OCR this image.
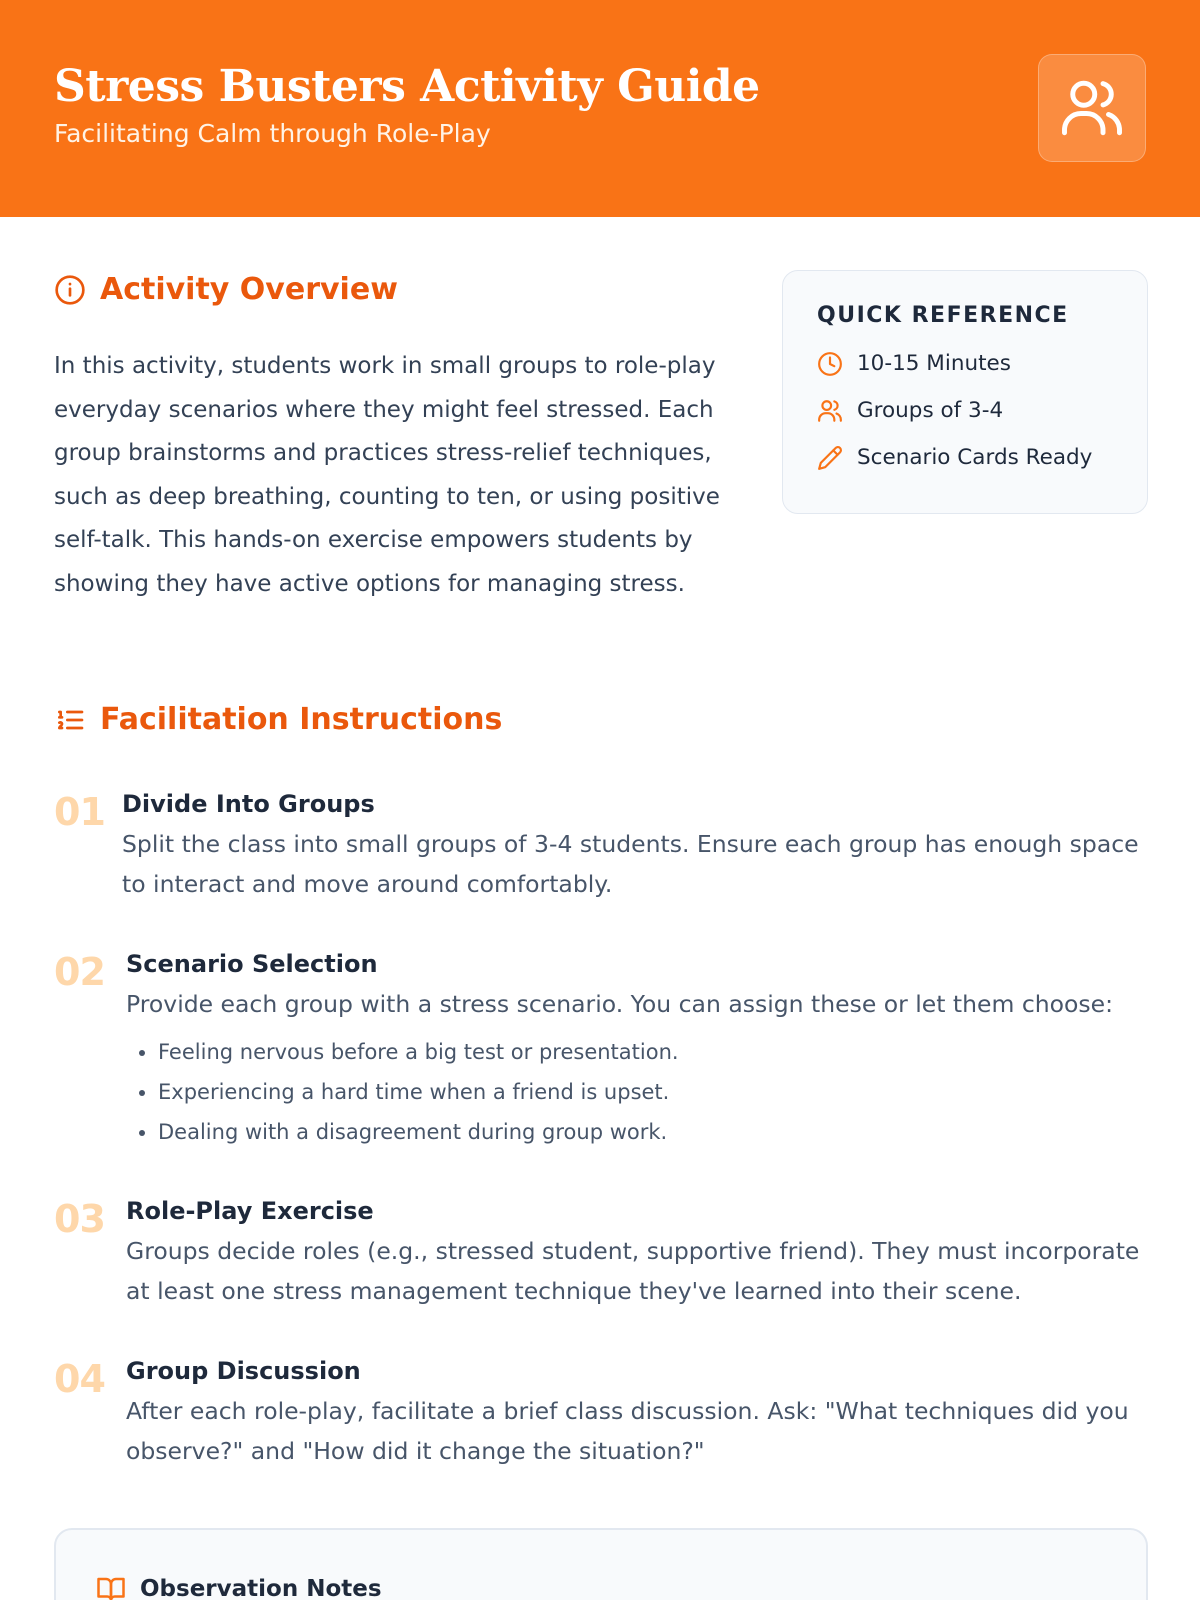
Stress Busters Activity Guide
Facilitating Calm through Role-Play
Activity Overview
In this activity, students work in small groups to role-play everyday scenarios where they might feel stressed. Each group brainstorms and practices stress-relief techniques, such as deep breathing, counting to ten, or using positive self-talk. This hands-on exercise empowers students by showing they have active options for managing stress.
QUICK REFERENCE
10-15 Minutes
Groups of 3-4
Scenario Cards Ready
Facilitation Instructions
01 Divide Into Groups
Split the class into small groups of 3-4 students. Ensure each group has enough space to interact and move around comfortably.
02 Scenario Selection
Provide each group with a stress scenario. You can assign these or let them choose:
• Feeling nervous before a big test or presentation.
• Experiencing a hard time when a friend is upset.
• Dealing with a disagreement during group work.
03 Role-Play Exercise
Groups decide roles (e.g., stressed student, supportive friend). They must incorporate at least one stress management technique they've learned into their scene.
04 Group Discussion
After each role-play, facilitate a brief class discussion. Ask: "What techniques did you observe?" and "How did it change the situation?"
Observation Notes
